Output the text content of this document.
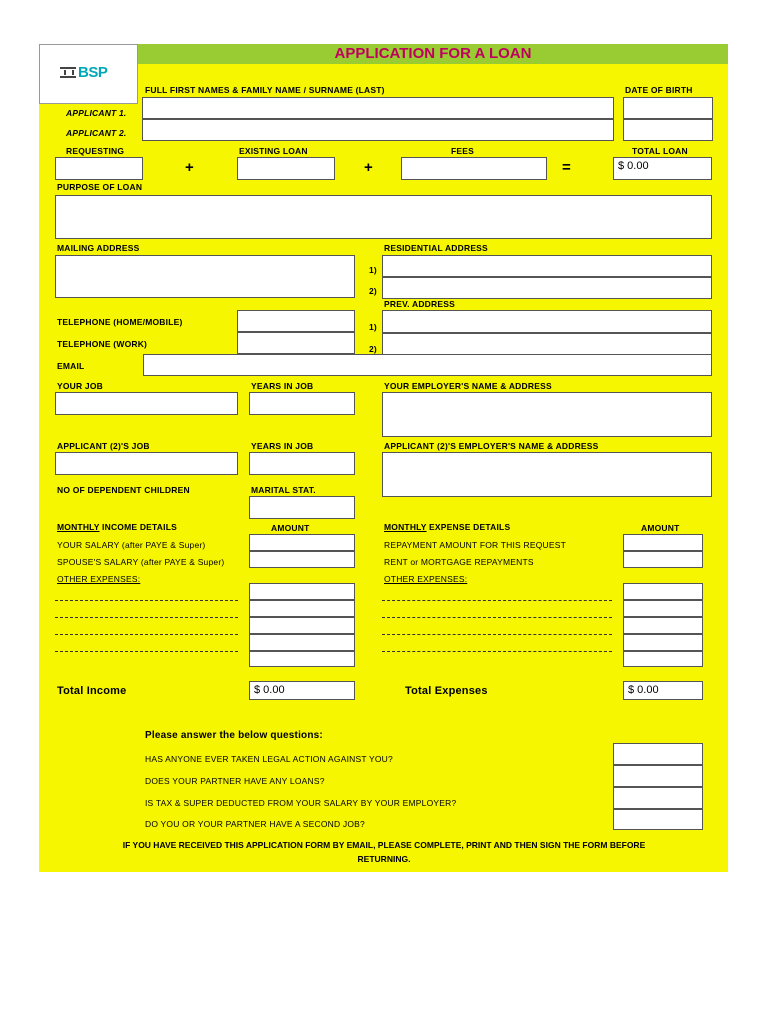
BSP
APPLICATION FOR A LOAN
FULL FIRST NAMES & FAMILY NAME / SURNAME (LAST)	DATE OF BIRTH
APPLICANT 1.
APPLICANT 2.
REQUESTING	EXISTING LOAN	FEES	TOTAL LOAN
+	+	=	$ 0.00
PURPOSE OF LOAN
MAILING ADDRESS	RESIDENTIAL ADDRESS
1)
2)
PREV. ADDRESS
1)
2)
TELEPHONE (HOME/MOBILE)
TELEPHONE (WORK)
EMAIL
YOUR JOB	YEARS IN JOB	YOUR EMPLOYER'S NAME & ADDRESS
APPLICANT (2)'S JOB	YEARS IN JOB	APPLICANT (2)'S EMPLOYER'S NAME & ADDRESS
NO OF DEPENDENT CHILDREN	MARITAL STAT.
MONTHLY INCOME DETAILS	AMOUNT	MONTHLY EXPENSE DETAILS	AMOUNT
YOUR SALARY (after PAYE & Super)
SPOUSE'S SALARY (after PAYE & Super)
OTHER EXPENSES:
REPAYMENT AMOUNT FOR THIS REQUEST
RENT or MORTGAGE REPAYMENTS
OTHER EXPENSES:
Total Income	$ 0.00	Total Expenses	$ 0.00
Please answer the below questions:
HAS ANYONE EVER TAKEN LEGAL ACTION AGAINST YOU?
DOES YOUR PARTNER HAVE ANY LOANS?
IS TAX & SUPER DEDUCTED FROM YOUR SALARY BY YOUR EMPLOYER?
DO YOU OR YOUR PARTNER HAVE A SECOND JOB?
IF YOU HAVE RECEIVED THIS APPLICATION FORM BY EMAIL, PLEASE COMPLETE, PRINT AND THEN SIGN THE FORM BEFORE
RETURNING.
